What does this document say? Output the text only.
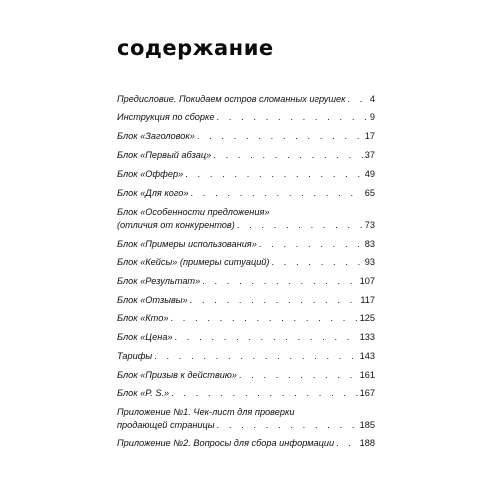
содержание
Предисловие. Покидаем остров сломанных игрушек . . .	4
Инструкция по сборке . . .	9
Блок «Заголовок» . . .	17
Блок «Первый абзац» . . .	37
Блок «Оффер» . . .	49
Блок «Для кого» . . .	65
Блок «Особенности предложения»
(отличия от конкурентов) . . .	73
Блок «Примеры использования» . . .	83
Блок «Кейсы» (примеры ситуаций) . . .	93
Блок «Результат» . . .	107
Блок «Отзывы» . . .	117
Блок «Кто» . . .	125
Блок «Цена» . . .	133
Тарифы . . .	143
Блок «Призыв к действию» . . .	161
Блок «P. S.» . . .	167
Приложение №1. Чек-лист для проверки
продающей страницы . . .	185
Приложение №2. Вопросы для сбора информации . . .	188
